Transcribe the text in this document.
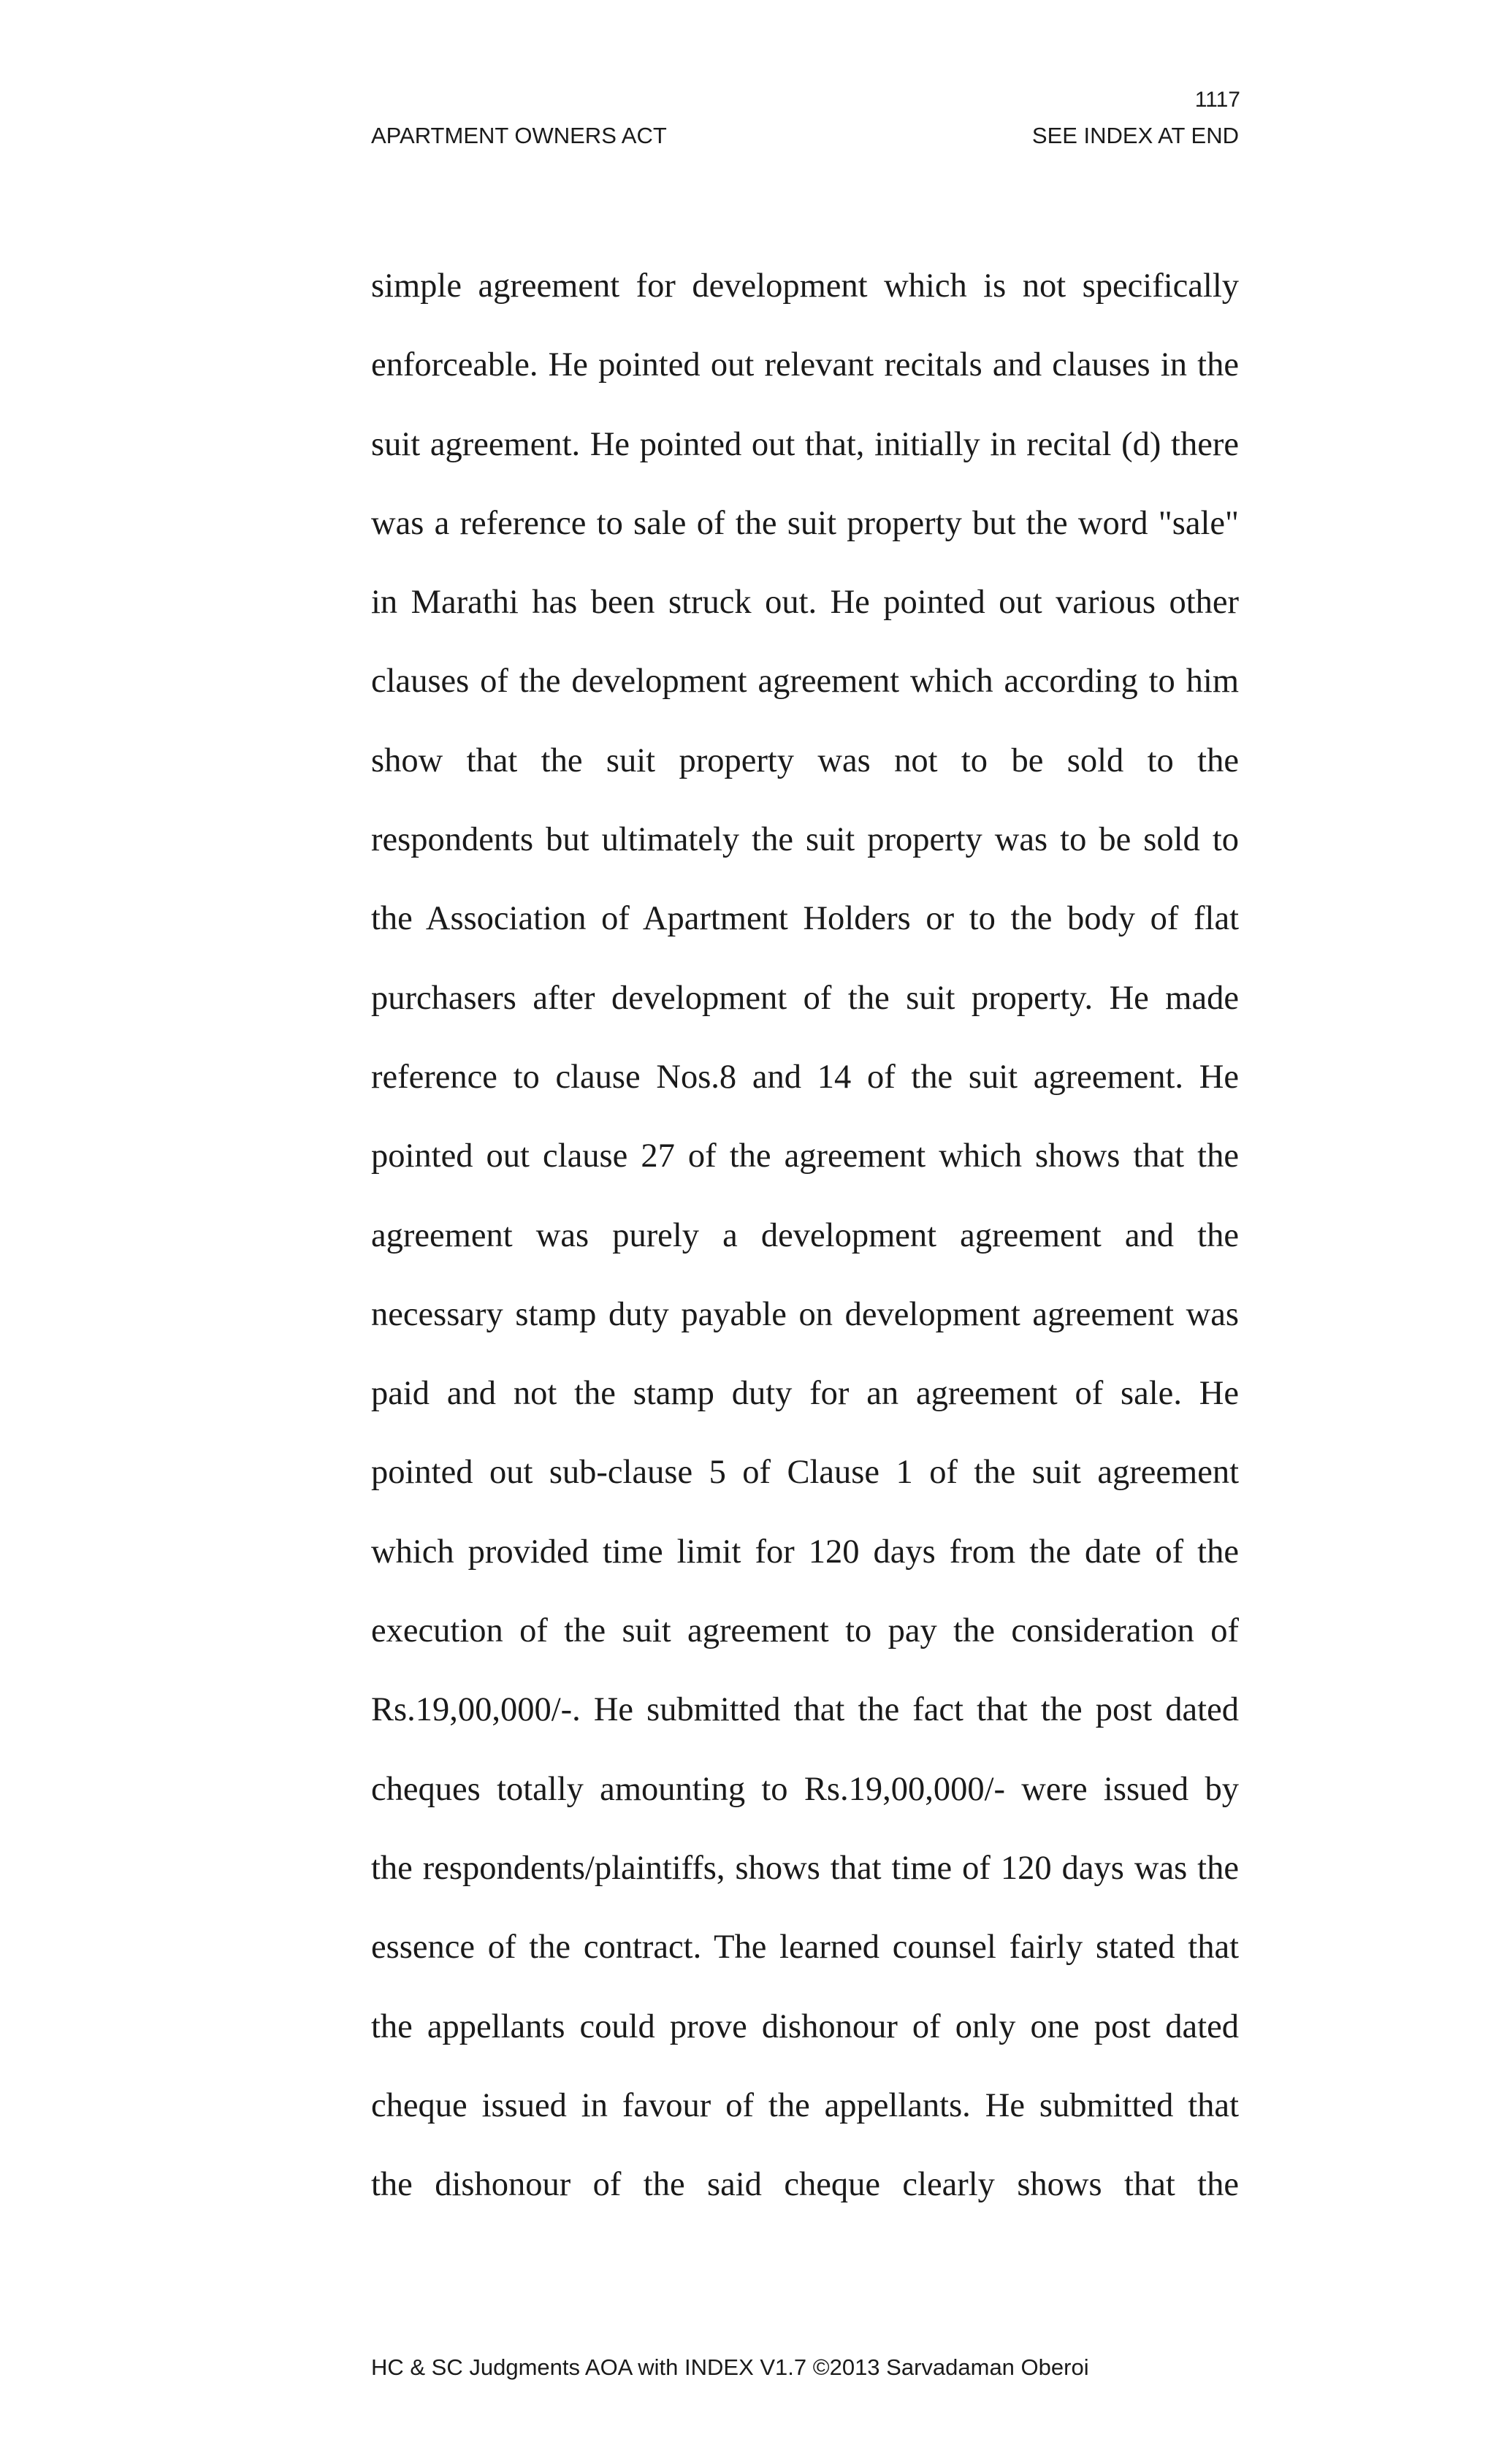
1117
APARTMENT OWNERS ACT	SEE INDEX AT END
simple agreement for development which is not specifically
enforceable. He pointed out relevant recitals and clauses in the
suit agreement. He pointed out that, initially in recital (d) there
was a reference to sale of the suit property but the word "sale"
in Marathi has been struck out. He pointed out various other
clauses of the development agreement which according to him
show that the suit property was not to be sold to the
respondents but ultimately the suit property was to be sold to
the Association of Apartment Holders or to the body of flat
purchasers after development of the suit property. He made
reference to clause Nos.8 and 14 of the suit agreement. He
pointed out clause 27 of the agreement which shows that the
agreement was purely a development agreement and the
necessary stamp duty payable on development agreement was
paid and not the stamp duty for an agreement of sale. He
pointed out sub-clause 5 of Clause 1 of the suit agreement
which provided time limit for 120 days from the date of the
execution of the suit agreement to pay the consideration of
Rs.19,00,000/-. He submitted that the fact that the post dated
cheques totally amounting to Rs.19,00,000/- were issued by
the respondents/plaintiffs, shows that time of 120 days was the
essence of the contract. The learned counsel fairly stated that
the appellants could prove dishonour of only one post dated
cheque issued in favour of the appellants. He submitted that
the dishonour of the said cheque clearly shows that the
HC & SC Judgments AOA with INDEX V1.7 ©2013 Sarvadaman Oberoi
